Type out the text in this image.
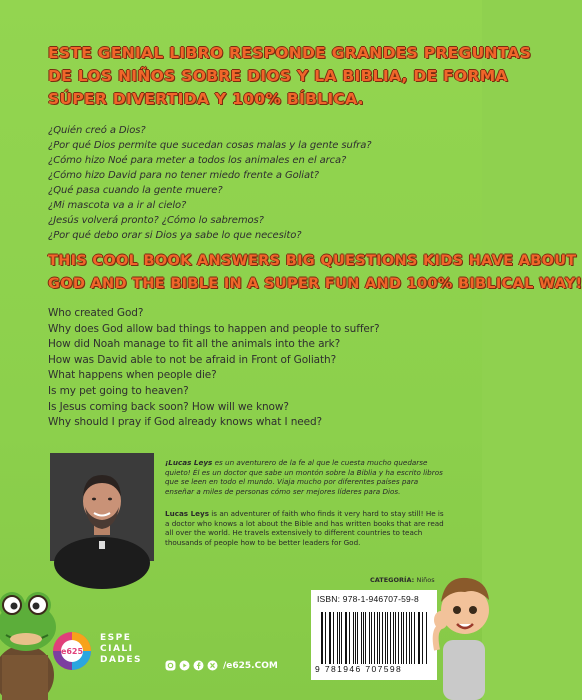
ESTE GENIAL LIBRO RESPONDE GRANDES PREGUNTAS
DE LOS NIÑOS SOBRE DIOS Y LA BIBLIA, DE FORMA
SÚPER DIVERTIDA Y 100% BÍBLICA.
¿Quién creó a Dios?
¿Por qué Dios permite que sucedan cosas malas y la gente sufra?
¿Cómo hizo Noé para meter a todos los animales en el arca?
¿Cómo hizo David para no tener miedo frente a Goliat?
¿Qué pasa cuando la gente muere?
¿Mi mascota va a ir al cielo?
¿Jesús volverá pronto? ¿Cómo lo sabremos?
¿Por qué debo orar si Dios ya sabe lo que necesito?
THIS COOL BOOK ANSWERS BIG QUESTIONS KIDS HAVE ABOUT
GOD AND THE BIBLE IN A SUPER FUN AND 100% BIBLICAL WAY!
Who created God?
Why does God allow bad things to happen and people to suffer?
How did Noah manage to fit all the animals into the ark?
How was David able to not be afraid in Front of Goliath?
What happens when people die?
Is my pet going to heaven?
Is Jesus coming back soon? How will we know?
Why should I pray if God already knows what I need?

¡Lucas Leys es un aventurero de la fe al que le cuesta mucho quedarse quieto! Él es un doctor que sabe un montón sobre la Biblia y ha escrito libros que se leen en todo el mundo. Viaja mucho por diferentes países para enseñar a miles de personas cómo ser mejores líderes para Dios.

Lucas Leys is an adventurer of faith who finds it very hard to stay still! He is a doctor who knows a lot about the Bible and has written books that are read all over the world. He travels extensively to different countries to teach thousands of people how to be better leaders for God.

CATEGORÍA: Niños
ISBN: 978-1-946707-59-8
9 781946 707598
e625
ESPE
CIALI
DADES
/e625.COM
